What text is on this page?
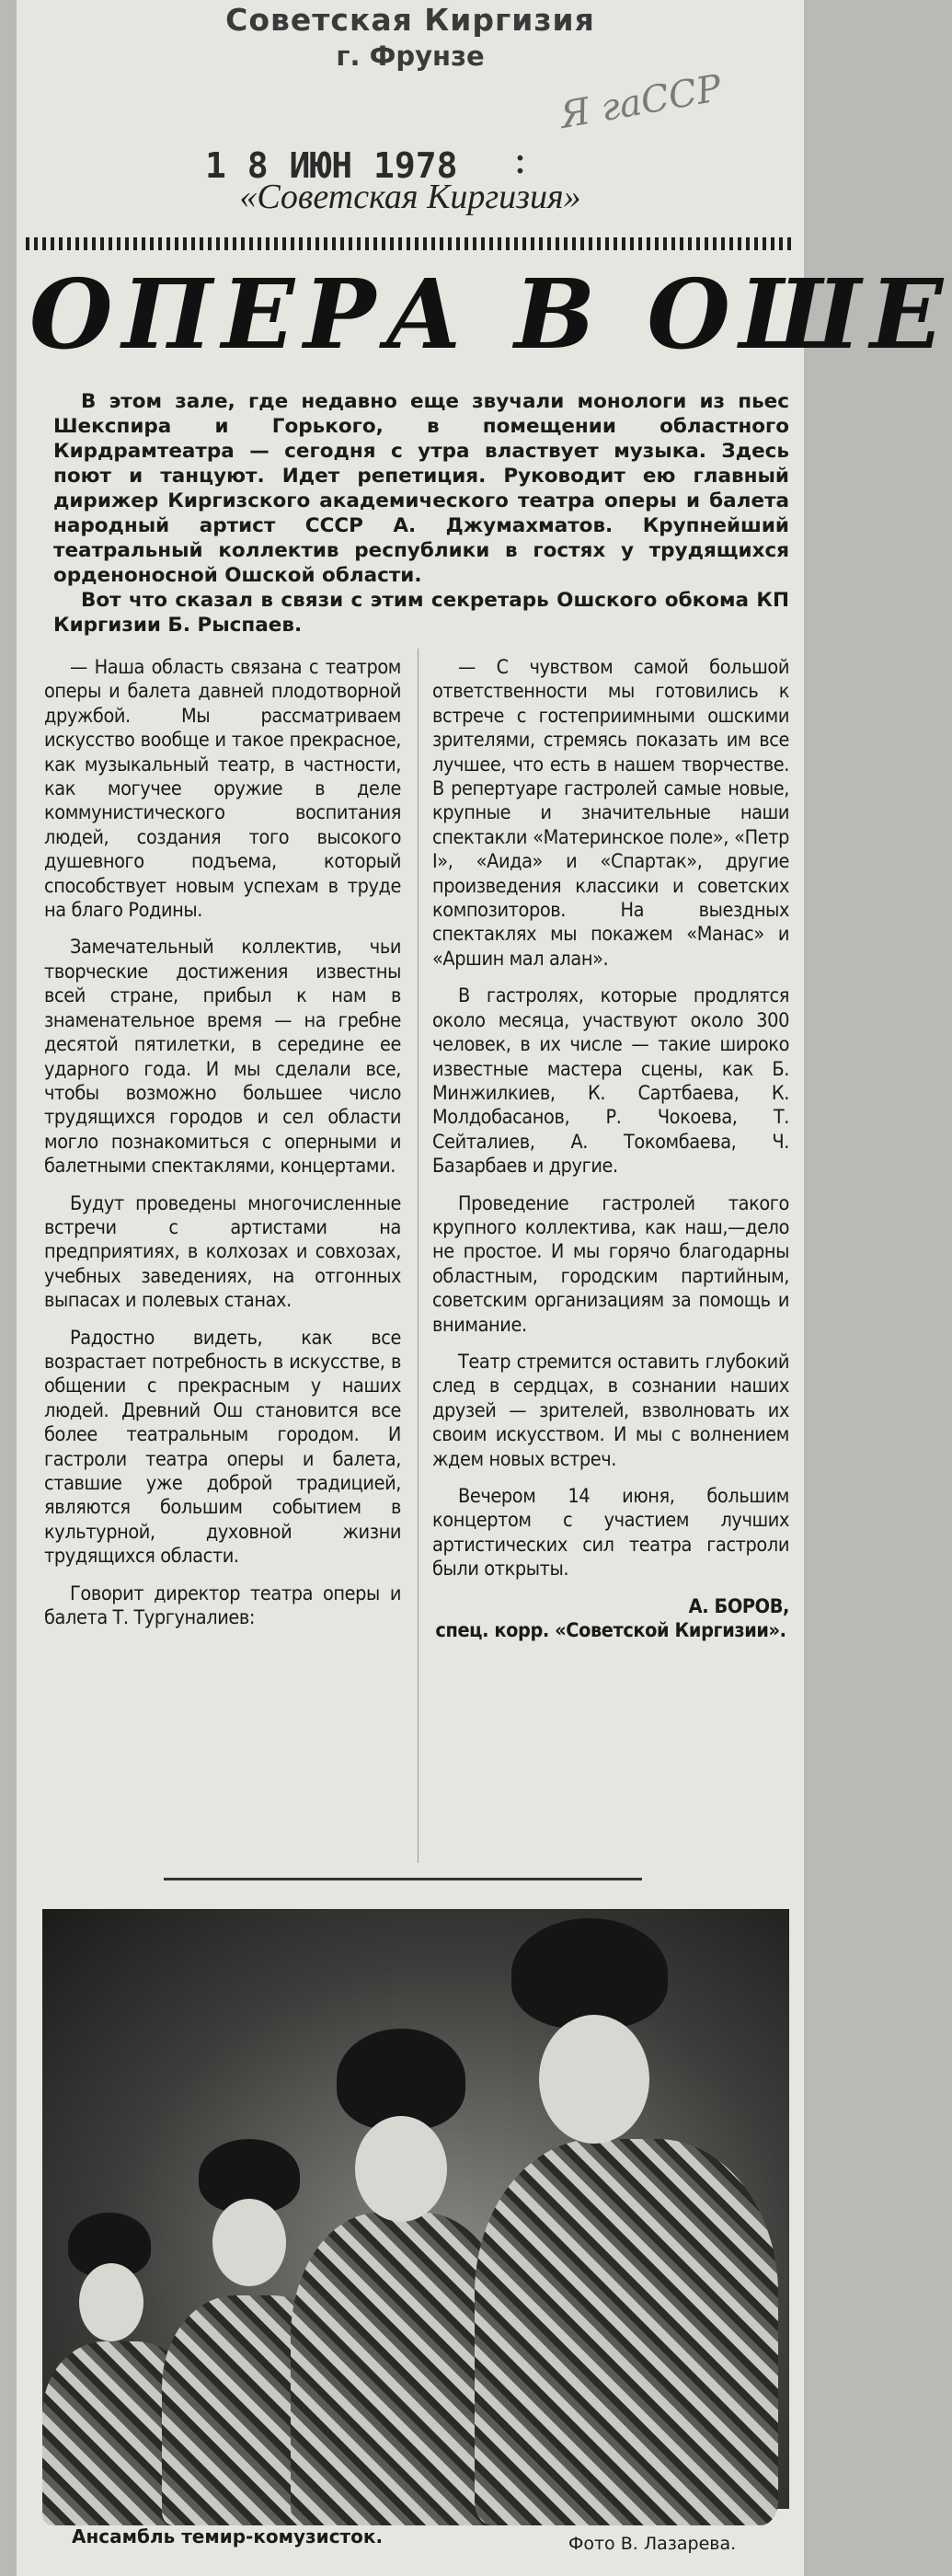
Советская Киргизия
г. Фрунзе
1 8 ИЮН 1978 :
Я гаССР
«Советская Киргизия»
ОПЕРА В ОШЕ

В этом зале, где недавно еще звучали монологи из пьес Шекспира и Горького, в помещении областного Кирдрамтеатра — сегодня с утра властвует музыка. Здесь поют и танцуют. Идет репетиция. Руководит ею главный дирижер Киргизского академического театра оперы и балета народный артист СССР А. Джумахматов. Крупнейший театральный коллектив республики в гостях у трудящихся орденоносной Ошской области.

Вот что сказал в связи с этим секретарь Ошского обкома КП Киргизии Б. Рыспаев.

— Наша область связана с театром оперы и балета давней плодотворной дружбой. Мы рассматриваем искусство вообще и такое прекрасное, как музыкальный театр, в частности, как могучее оружие в деле коммунистического воспитания людей, создания того высокого душевного подъема, который способствует новым успехам в труде на благо Родины.

Замечательный коллектив, чьи творческие достижения известны всей стране, прибыл к нам в знаменательное время — на гребне десятой пятилетки, в середине ее ударного года. И мы сделали все, чтобы возможно большее число трудящихся городов и сел области могло познакомиться с оперными и балетными спектаклями, концертами.

Будут проведены многочисленные встречи с артистами на предприятиях, в колхозах и совхозах, учебных заведениях, на отгонных выпасах и полевых станах.

Радостно видеть, как все возрастает потребность в искусстве, в общении с прекрасным у наших людей. Древний Ош становится все более театральным городом. И гастроли театра оперы и балета, ставшие уже доброй традицией, являются большим событием в культурной, духовной жизни трудящихся области.

Говорит директор театра оперы и балета Т. Тургуналиев:

— С чувством самой большой ответственности мы готовились к встрече с гостеприимными ошскими зрителями, стремясь показать им все лучшее, что есть в нашем творчестве. В репертуаре гастролей самые новые, крупные и значительные наши спектакли «Материнское поле», «Петр I», «Аида» и «Спартак», другие произведения классики и советских композиторов. На выездных спектаклях мы покажем «Манас» и «Аршин мал алан».

В гастролях, которые продлятся около месяца, участвуют около 300 человек, в их числе — такие широко известные мастера сцены, как Б. Минжилкиев, К. Сартбаева, К. Молдобасанов, Р. Чокоева, Т. Сейталиев, А. Токомбаева, Ч. Базарбаев и другие.

Проведение гастролей такого крупного коллектива, как наш,—дело не простое. И мы горячо благодарны областным, городским партийным, советским организациям за помощь и внимание.

Театр стремится оставить глубокий след в сердцах, в сознании наших друзей — зрителей, взволновать их своим искусством. И мы с волнением ждем новых встреч.

Вечером 14 июня, большим концертом с участием лучших артистических сил театра гастроли были открыты.

А. БОРОВ,

спец. корр. «Советской Киргизии».

Ансамбль темир-комузисток.	Фото В. Лазарева.
